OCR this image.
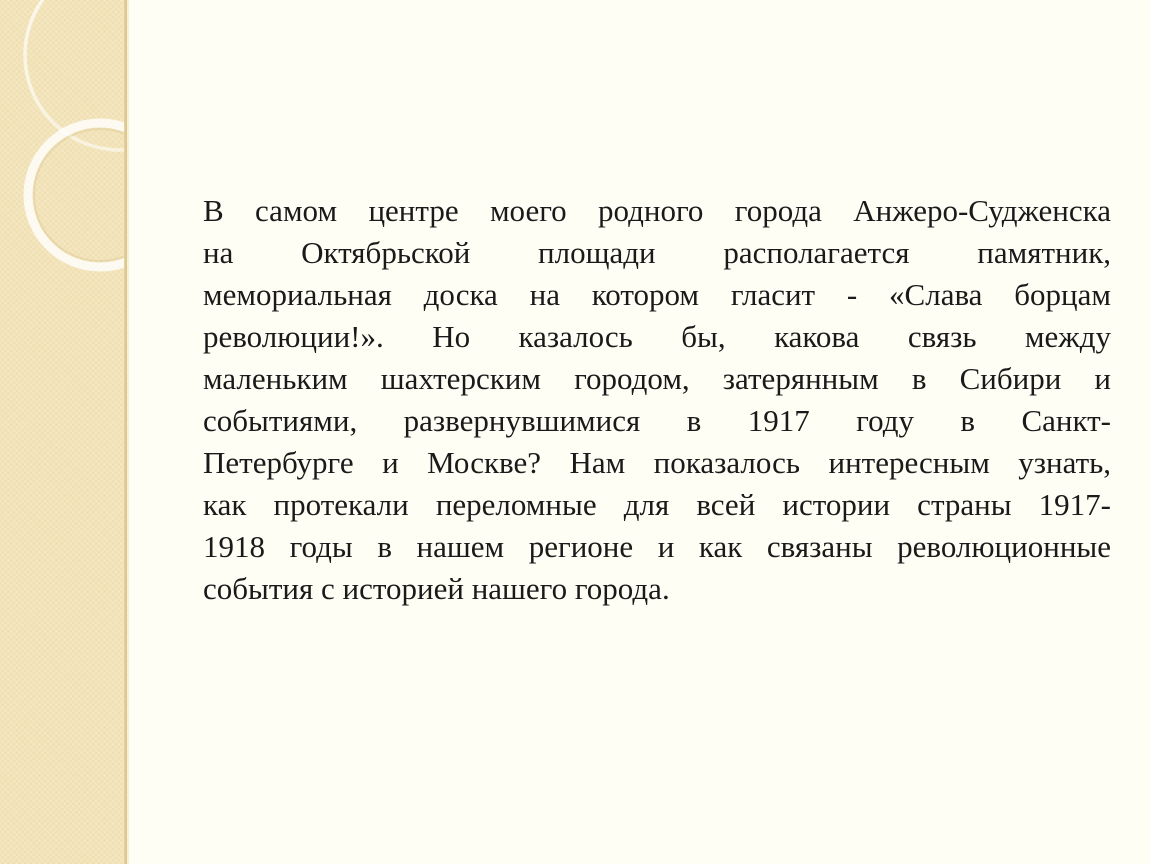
В самом центре моего родного города Анжеро-Судженска
на Октябрьской площади располагается памятник,
мемориальная доска на котором гласит - «Слава борцам
революции!». Но казалось бы, какова связь между
маленьким шахтерским городом, затерянным в Сибири и
событиями, развернувшимися в 1917 году в Санкт-
Петербурге и Москве? Нам показалось интересным узнать,
как протекали переломные для всей истории страны 1917-
1918 годы в нашем регионе и как связаны революционные
события с историей нашего города.
